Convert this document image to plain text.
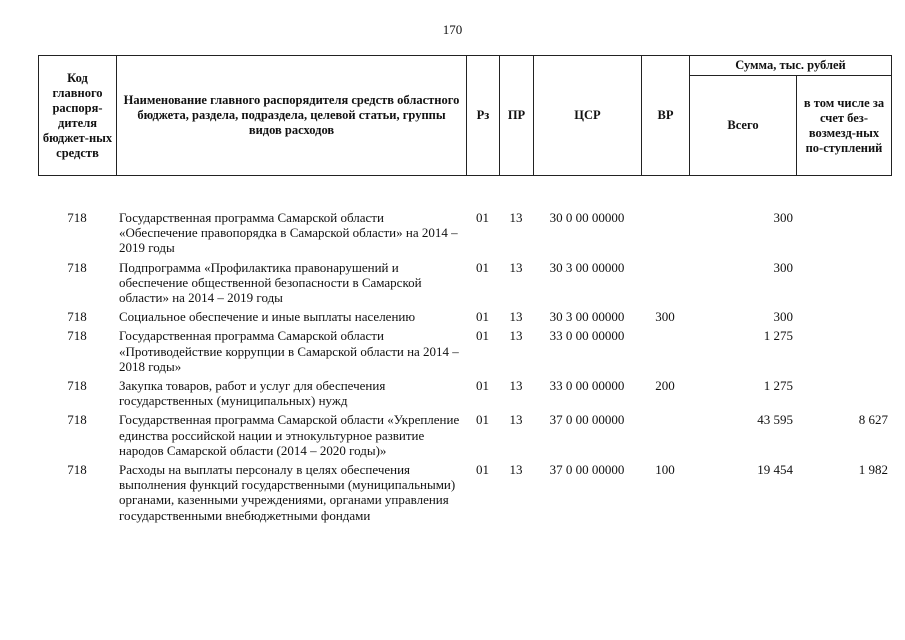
170
Код главного распоря-дителя бюджет-ных средств	Наименование главного распорядителя средств областного бюджета, раздела, подраздела, целевой статьи, группы видов расходов	Рз	ПР	ЦСР	ВР	Сумма, тыс. рублей	
						Всего	в том числе за счет без-возмезд-ных по-ступлений
718	Государственная программа Самарской области «Обеспечение правопорядка в Самарской области» на 2014 – 2019 годы	01	13	30 0 00 00000		300	
718	Подпрограмма «Профилактика правонарушений и обеспечение общественной безопасности в Самарской области» на 2014 – 2019 годы	01	13	30 3 00 00000		300	
718	Социальное обеспечение и иные выплаты населению	01	13	30 3 00 00000	300	300	
718	Государственная программа Самарской области «Противодействие коррупции в Самарской области на 2014 – 2018 годы»	01	13	33 0 00 00000		1 275	
718	Закупка товаров, работ и услуг для обеспечения государственных (муниципальных) нужд	01	13	33 0 00 00000	200	1 275	
718	Государственная программа Самарской области «Укрепление единства российской нации и этнокультурное развитие народов Самарской области (2014 – 2020 годы)»	01	13	37 0 00 00000		43 595	8 627
718	Расходы на выплаты персоналу в целях обеспечения выполнения функций государственными (муниципальными) органами, казенными учреждениями, органами управления государственными внебюджетными фондами	01	13	37 0 00 00000	100	19 454	1 982
